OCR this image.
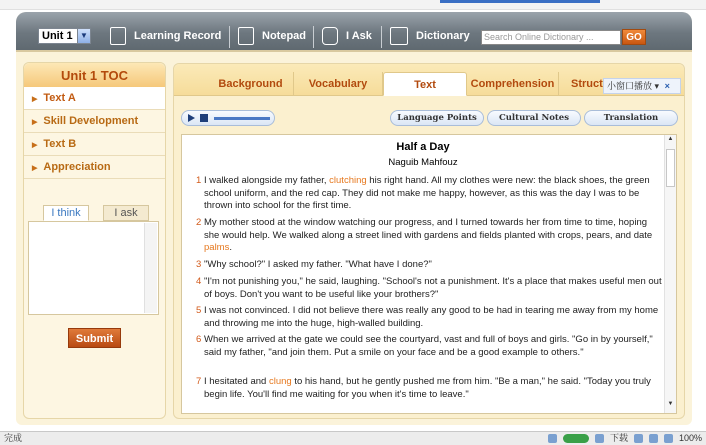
Unit 1 ▼	Learning Record	Notepad	I Ask	Dictionary	Search Online Dictionary ...	GO
Unit 1 TOC
▶ Text A
▶ Skill Development
▶ Text B
▶ Appreciation
I think	I ask
Submit
Background	Vocabulary	Text	Comprehension	Struct 小窗口播放 ▾ ×
Language Points	Cultural Notes	Translation
Half a Day
Naguib Mahfouz
1 I walked alongside my father, clutching his right hand. All my clothes were new: the black shoes, the green school uniform, and the red cap. They did not make me happy, however, as this was the day I was to be thrown into school for the first time.
2 My mother stood at the window watching our progress, and I turned towards her from time to time, hoping she would help. We walked along a street lined with gardens and fields planted with crops, pears, and date palms.
3 "Why school?" I asked my father. "What have I done?"
4 "I'm not punishing you," he said, laughing. "School's not a punishment. It's a place that makes useful men out of boys. Don't you want to be useful like your brothers?"
5 I was not convinced. I did not believe there was really any good to be had in tearing me away from my home and throwing me into the huge, high-walled building.
6 When we arrived at the gate we could see the courtyard, vast and full of boys and girls. "Go in by yourself," said my father, "and join them. Put a smile on your face and be a good example to others."
7 I hesitated and clung to his hand, but he gently pushed me from him. "Be a man," he said. "Today you truly begin life. You'll find me waiting for you when it's time to leave."
▲
▼
完成	下载	100%
